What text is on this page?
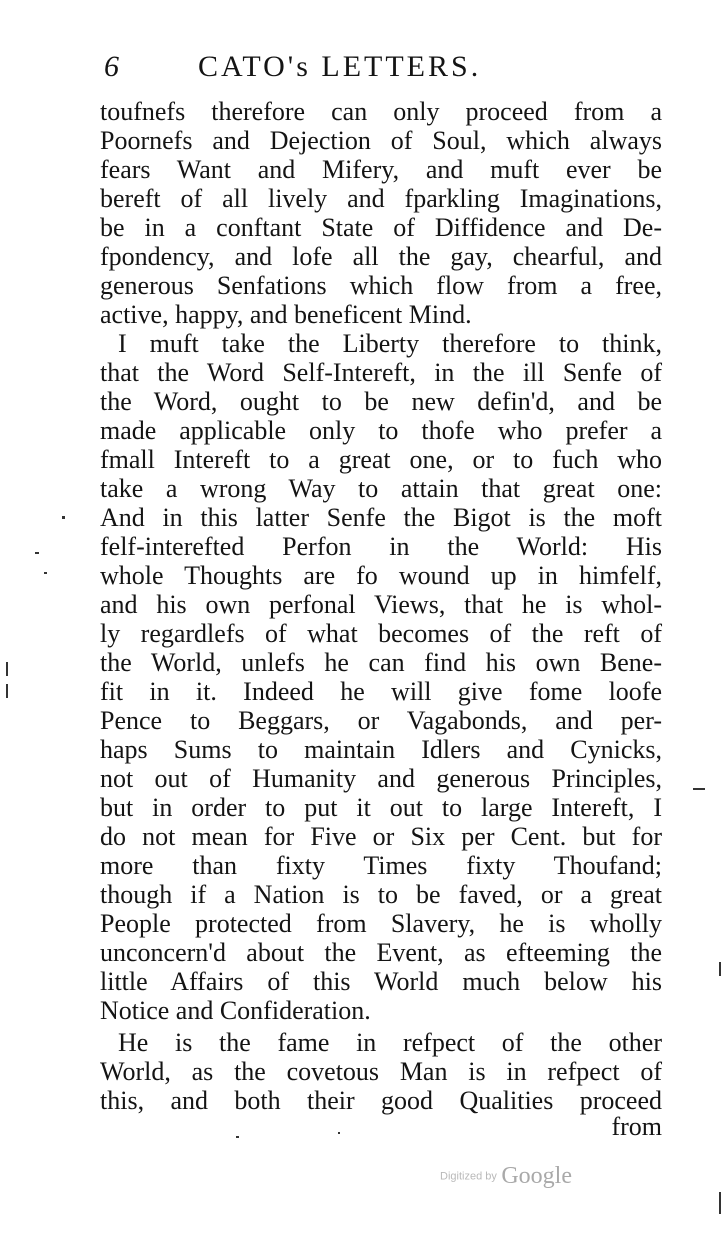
6	CATO's LETTERS.
toufnefs therefore can only proceed from a
Poornefs and Dejection of Soul, which always
fears Want and Mifery, and muft ever be
bereft of all lively and fparkling Imaginations,
be in a conftant State of Diffidence and De-
fpondency, and lofe all the gay, chearful, and
generous Senfations which flow from a free,
active, happy, and beneficent Mind.
I muft take the Liberty therefore to think,
that the Word Self-Intereft, in the ill Senfe of
the Word, ought to be new defin'd, and be
made applicable only to thofe who prefer a
fmall Intereft to a great one, or to fuch who
take a wrong Way to attain that great one:
And in this latter Senfe the Bigot is the moft
felf-interefted Perfon in the World: His
whole Thoughts are fo wound up in himfelf,
and his own perfonal Views, that he is whol-
ly regardlefs of what becomes of the reft of
the World, unlefs he can find his own Bene-
fit in it. Indeed he will give fome loofe
Pence to Beggars, or Vagabonds, and per-
haps Sums to maintain Idlers and Cynicks,
not out of Humanity and generous Principles,
but in order to put it out to large Intereft, I
do not mean for Five or Six per Cent. but for
more than fixty Times fixty Thoufand;
though if a Nation is to be faved, or a great
People protected from Slavery, he is wholly
unconcern'd about the Event, as efteeming the
little Affairs of this World much below his
Notice and Confideration.
He is the fame in refpect of the other
World, as the covetous Man is in refpect of
this, and both their good Qualities proceed
from
Digitized by Google
